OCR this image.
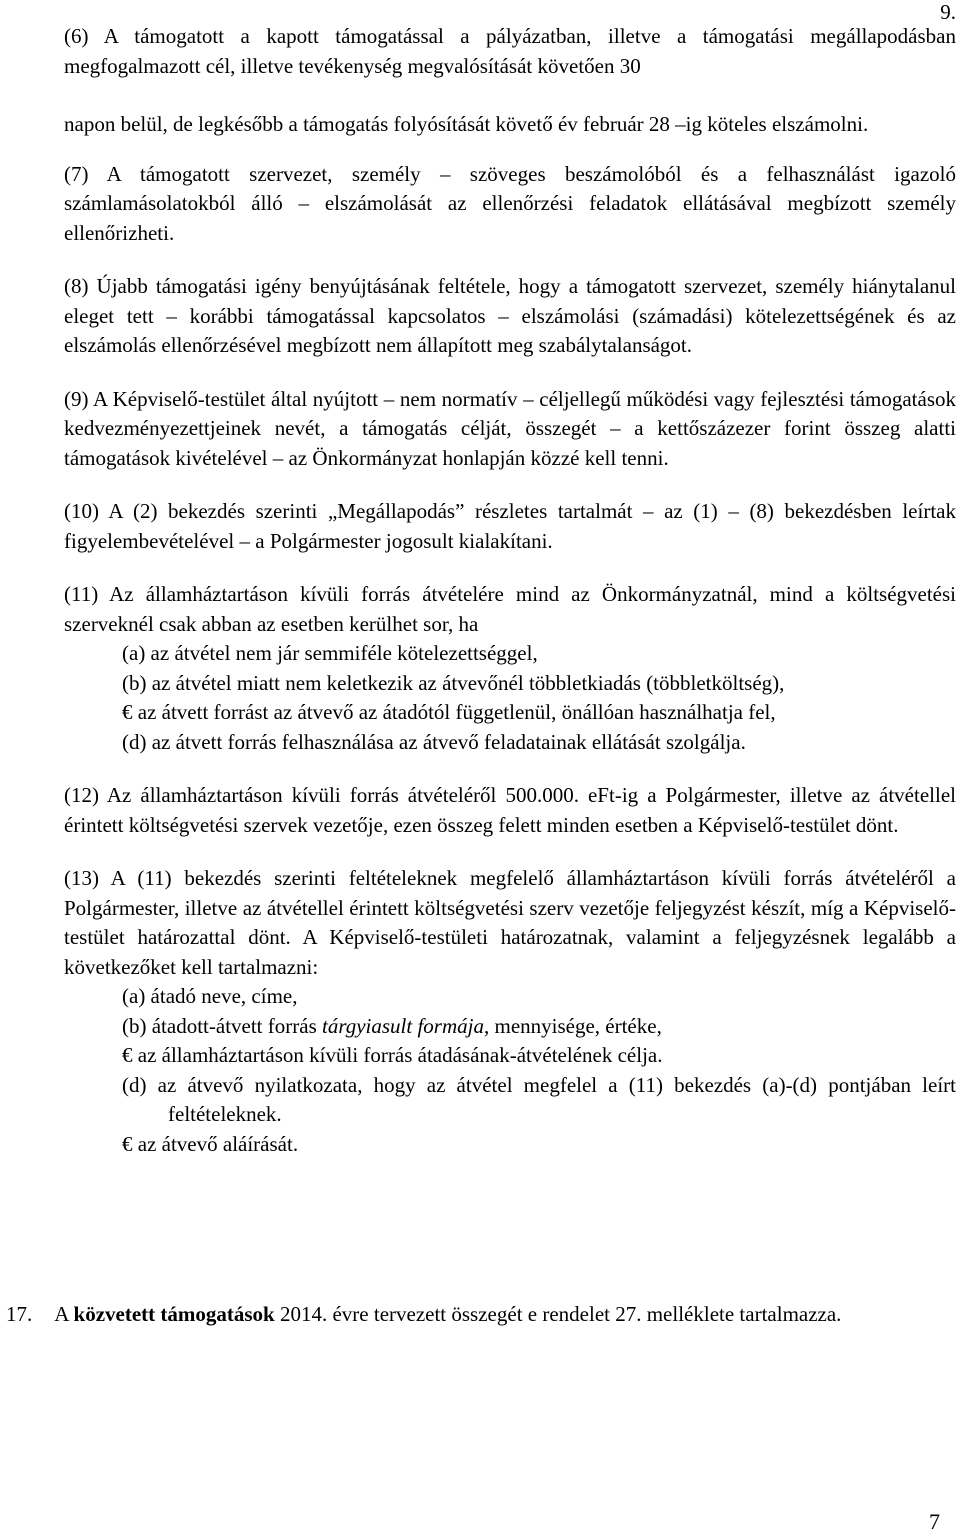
9.

(6) A támogatott a kapott támogatással a pályázatban, illetve a támogatási megállapodásban megfogalmazott cél, illetve tevékenység megvalósítását követően 30
napon belül, de legkésőbb a támogatás folyósítását követő év február 28 –ig köteles elszámolni.

(7) A támogatott szervezet, személy – szöveges beszámolóból és a felhasználást igazoló számlamásolatokból álló – elszámolását az ellenőrzési feladatok ellátásával megbízott személy ellenőrizheti.

(8) Újabb támogatási igény benyújtásának feltétele, hogy a támogatott szervezet, személy hiánytalanul eleget tett – korábbi támogatással kapcsolatos – elszámolási (számadási) kötelezettségének és az elszámolás ellenőrzésével megbízott nem állapított meg szabálytalanságot.

(9) A Képviselő-testület által nyújtott – nem normatív – céljellegű működési vagy fejlesztési támogatások kedvezményezettjeinek nevét, a támogatás célját, összegét – a kettőszázezer forint összeg alatti támogatások kivételével – az Önkormányzat honlapján közzé kell tenni.

(10) A (2) bekezdés szerinti „Megállapodás” részletes tartalmát – az (1) – (8) bekezdésben leírtak figyelembevételével – a Polgármester jogosult kialakítani.

(11) Az államháztartáson kívüli forrás átvételére mind az Önkormányzatnál, mind a költségvetési szerveknél csak abban az esetben kerülhet sor, ha

(a) az átvétel nem jár semmiféle kötelezettséggel,

(b) az átvétel miatt nem keletkezik az átvevőnél többletkiadás (többletköltség),

€ az átvett forrást az átvevő az átadótól függetlenül, önállóan használhatja fel,

(d) az átvett forrás felhasználása az átvevő feladatainak ellátását szolgálja.

(12) Az államháztartáson kívüli forrás átvételéről 500.000. eFt-ig a Polgármester, illetve az átvétellel érintett költségvetési szervek vezetője, ezen összeg felett minden esetben a Képviselő-testület dönt.

(13) A (11) bekezdés szerinti feltételeknek megfelelő államháztartáson kívüli forrás átvételéről a Polgármester, illetve az átvétellel érintett költségvetési szerv vezetője feljegyzést készít, míg a Képviselő-testület határozattal dönt. A Képviselő-testületi határozatnak, valamint a feljegyzésnek legalább a következőket kell tartalmazni:

(a) átadó neve, címe,

(b) átadott-átvett forrás tárgyiasult formája, mennyisége, értéke,

€ az államháztartáson kívüli forrás átadásának-átvételének célja.

(d) az átvevő nyilatkozata, hogy az átvétel megfelel a (11) bekezdés (a)-(d) pontjában leírt feltételeknek.

€ az átvevő aláírását.

17. A közvetett támogatások 2014. évre tervezett összegét e rendelet 27. melléklete tartalmazza.

7
